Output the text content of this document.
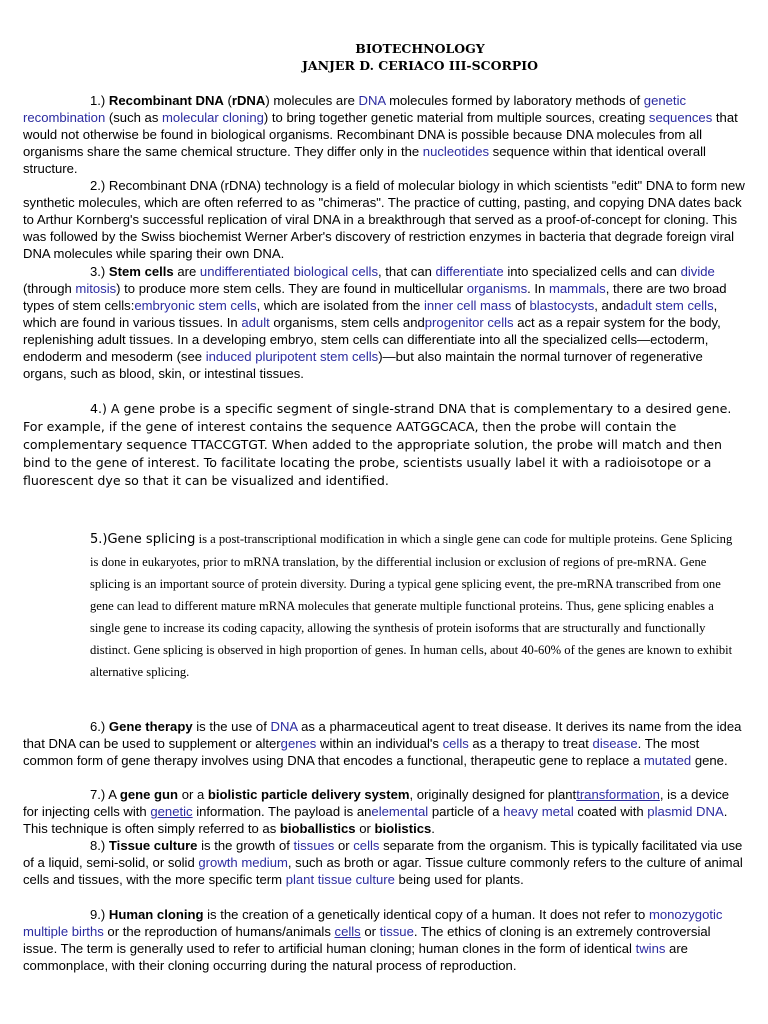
BIOTECHNOLOGY
JANJER D. CERIACO III-SCORPIO

1.) Recombinant DNA (rDNA) molecules are DNA molecules formed by laboratory methods of genetic recombination (such as molecular cloning) to bring together genetic material from multiple sources, creating sequences that would not otherwise be found in biological organisms. Recombinant DNA is possible because DNA molecules from all organisms share the same chemical structure. They differ only in the nucleotides sequence within that identical overall structure.

2.) Recombinant DNA (rDNA) technology is a field of molecular biology in which scientists "edit" DNA to form new synthetic molecules, which are often referred to as "chimeras". The practice of cutting, pasting, and copying DNA dates back to Arthur Kornberg's successful replication of viral DNA in a breakthrough that served as a proof-of-concept for cloning. This was followed by the Swiss biochemist Werner Arber's discovery of restriction enzymes in bacteria that degrade foreign viral DNA molecules while sparing their own DNA.

3.) Stem cells are undifferentiated biological cells, that can differentiate into specialized cells and can divide (through mitosis) to produce more stem cells. They are found in multicellular organisms. In mammals, there are two broad types of stem cells:embryonic stem cells, which are isolated from the inner cell mass of blastocysts, andadult stem cells, which are found in various tissues. In adult organisms, stem cells andprogenitor cells act as a repair system for the body, replenishing adult tissues. In a developing embryo, stem cells can differentiate into all the specialized cells—ectoderm, endoderm and mesoderm (see induced pluripotent stem cells)—but also maintain the normal turnover of regenerative organs, such as blood, skin, or intestinal tissues.

4.) A gene probe is a specific segment of single-strand DNA that is complementary to a desired gene. For example, if the gene of interest contains the sequence AATGGCACA, then the probe will contain the complementary sequence TTACCGTGT. When added to the appropriate solution, the probe will match and then bind to the gene of interest. To facilitate locating the probe, scientists usually label it with a radioisotope or a fluorescent dye so that it can be visualized and identified.

5.)Gene splicing is a post-transcriptional modification in which a single gene can code for multiple proteins. Gene Splicing is done in eukaryotes, prior to mRNA translation, by the differential inclusion or exclusion of regions of pre-mRNA. Gene splicing is an important source of protein diversity. During a typical gene splicing event, the pre-mRNA transcribed from one gene can lead to different mature mRNA molecules that generate multiple functional proteins. Thus, gene splicing enables a single gene to increase its coding capacity, allowing the synthesis of protein isoforms that are structurally and functionally distinct. Gene splicing is observed in high proportion of genes. In human cells, about 40-60% of the genes are known to exhibit alternative splicing.

6.) Gene therapy is the use of DNA as a pharmaceutical agent to treat disease. It derives its name from the idea that DNA can be used to supplement or altergenes within an individual's cells as a therapy to treat disease. The most common form of gene therapy involves using DNA that encodes a functional, therapeutic gene to replace a mutated gene.

7.) A gene gun or a biolistic particle delivery system, originally designed for planttransformation, is a device for injecting cells with genetic information. The payload is anelemental particle of a heavy metal coated with plasmid DNA. This technique is often simply referred to as bioballistics or biolistics.

8.) Tissue culture is the growth of tissues or cells separate from the organism. This is typically facilitated via use of a liquid, semi-solid, or solid growth medium, such as broth or agar. Tissue culture commonly refers to the culture of animal cells and tissues, with the more specific term plant tissue culture being used for plants.

9.) Human cloning is the creation of a genetically identical copy of a human. It does not refer to monozygotic multiple births or the reproduction of humans/animals cells or tissue. The ethics of cloning is an extremely controversial issue. The term is generally used to refer to artificial human cloning; human clones in the form of identical twins are commonplace, with their cloning occurring during the natural process of reproduction.
